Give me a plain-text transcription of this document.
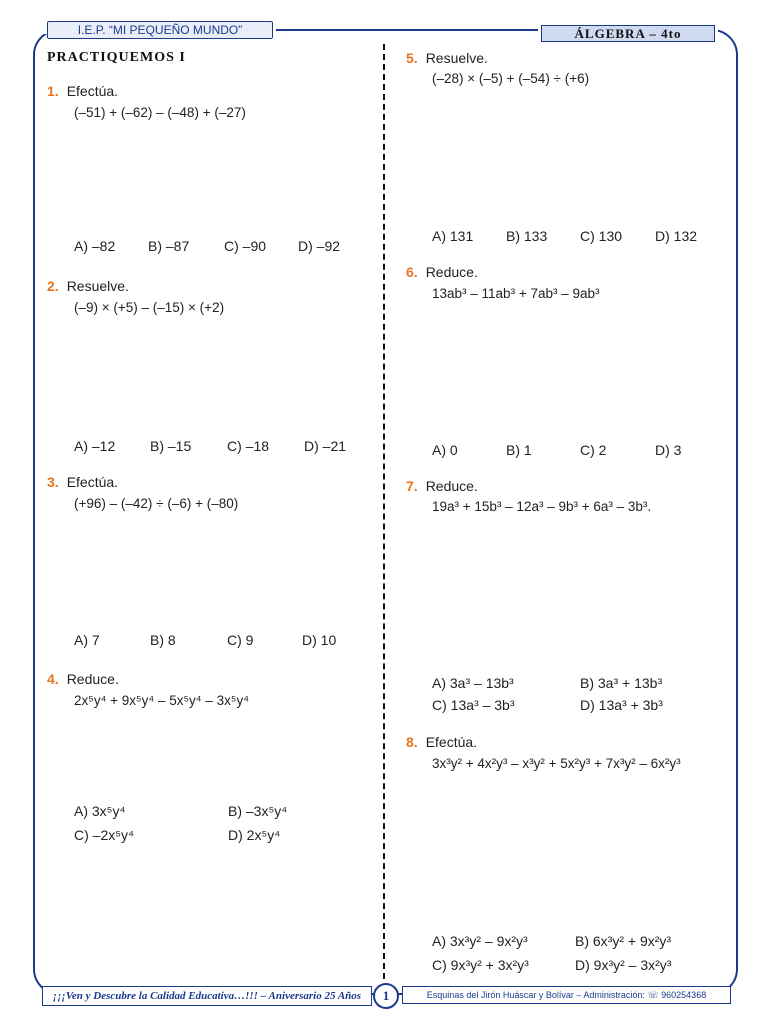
I.E.P. “MI PEQUEÑO MUNDO”	ÁLGEBRA – 4to
PRACTIQUEMOS I
1. Efectúa.
(–51) + (–62) – (–48) + (–27)
A) –82 B) –87 C) –90 D) –92
2. Resuelve.
(–9) × (+5) – (–15) × (+2)
A) –12 B) –15	C) –18 D) –21
3. Efectúa.
(+96) – (–42) ÷ (–6) + (–80)
A) 7	B) 8	C) 9	D) 10
4. Reduce.
2x⁵y⁴ + 9x⁵y⁴ – 5x⁵y⁴ – 3x⁵y⁴
A) 3x⁵y⁴	B) –3x⁵y⁴
C) –2x⁵y⁴	D) 2x⁵y⁴
5. Resuelve.
(–28) × (–5) + (–54) ÷ (+6)
A) 131 B) 133 C) 130 D) 132
6. Reduce.
13ab³ – 11ab³ + 7ab³ – 9ab³
A) 0	B) 1	C) 2	D) 3
7. Reduce.
19a³ + 15b³ – 12a³ – 9b³ + 6a³ – 3b³.
A) 3a³ – 13b³	B) 3a³ + 13b³
C) 13a³ – 3b³	D) 13a³ + 3b³
8. Efectúa.
3x³y² + 4x²y³ – x³y² + 5x²y³ + 7x³y² – 6x²y³
A) 3x³y² – 9x²y³	B) 6x³y² + 9x²y³
C) 9x³y² + 3x²y³	D) 9x³y² – 3x²y³
¡¡¡Ven y Descubre la Calidad Educativa…!!! – Aniversario 25 Años	1	Esquinas del Jirón Huáscar y Bolívar – Administración: ☏ 960254368
